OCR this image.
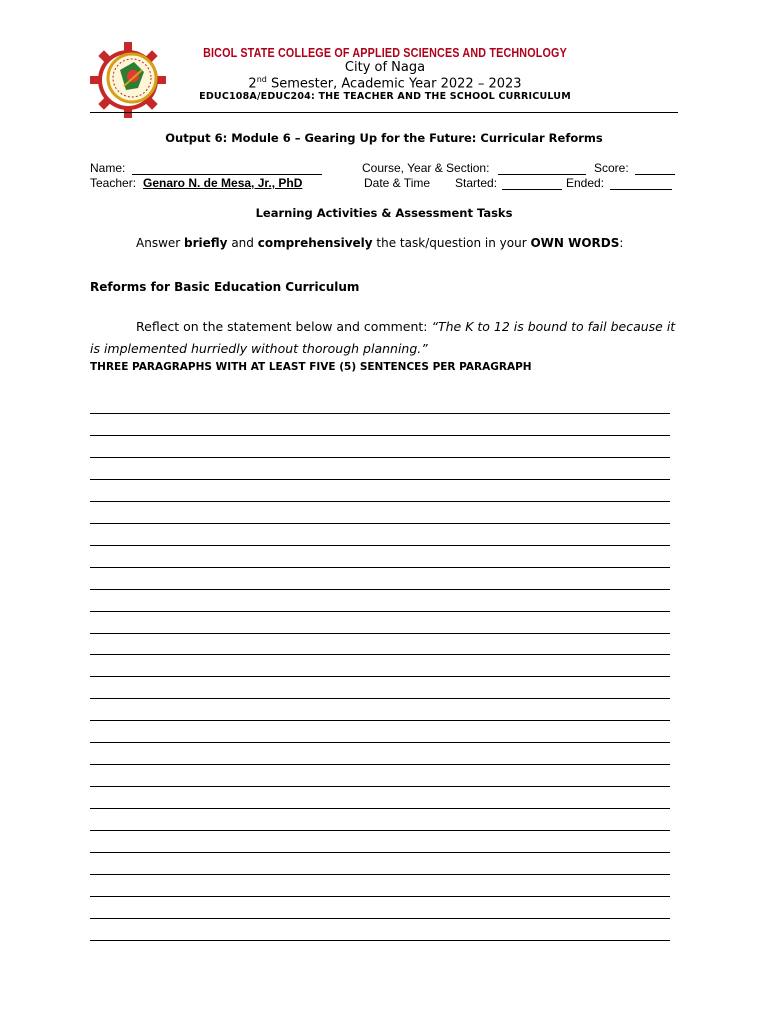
BICOL STATE COLLEGE OF APPLIED SCIENCES AND TECHNOLOGY
City of Naga
2nd Semester, Academic Year 2022 – 2023
EDUC108A/EDUC204: THE TEACHER AND THE SCHOOL CURRICULUM
Output 6: Module 6 – Gearing Up for the Future: Curricular Reforms
Name:	Course, Year & Section:	Score:
Teacher: Genaro N. de Mesa, Jr., PhD	Date & Time Started:	Ended:
Learning Activities & Assessment Tasks
Answer briefly and comprehensively the task/question in your OWN WORDS:
Reforms for Basic Education Curriculum
Reflect on the statement below and comment: “The K to 12 is bound to fail because it is implemented hurriedly without thorough planning.”
THREE PARAGRAPHS WITH AT LEAST FIVE (5) SENTENCES PER PARAGRAPH
